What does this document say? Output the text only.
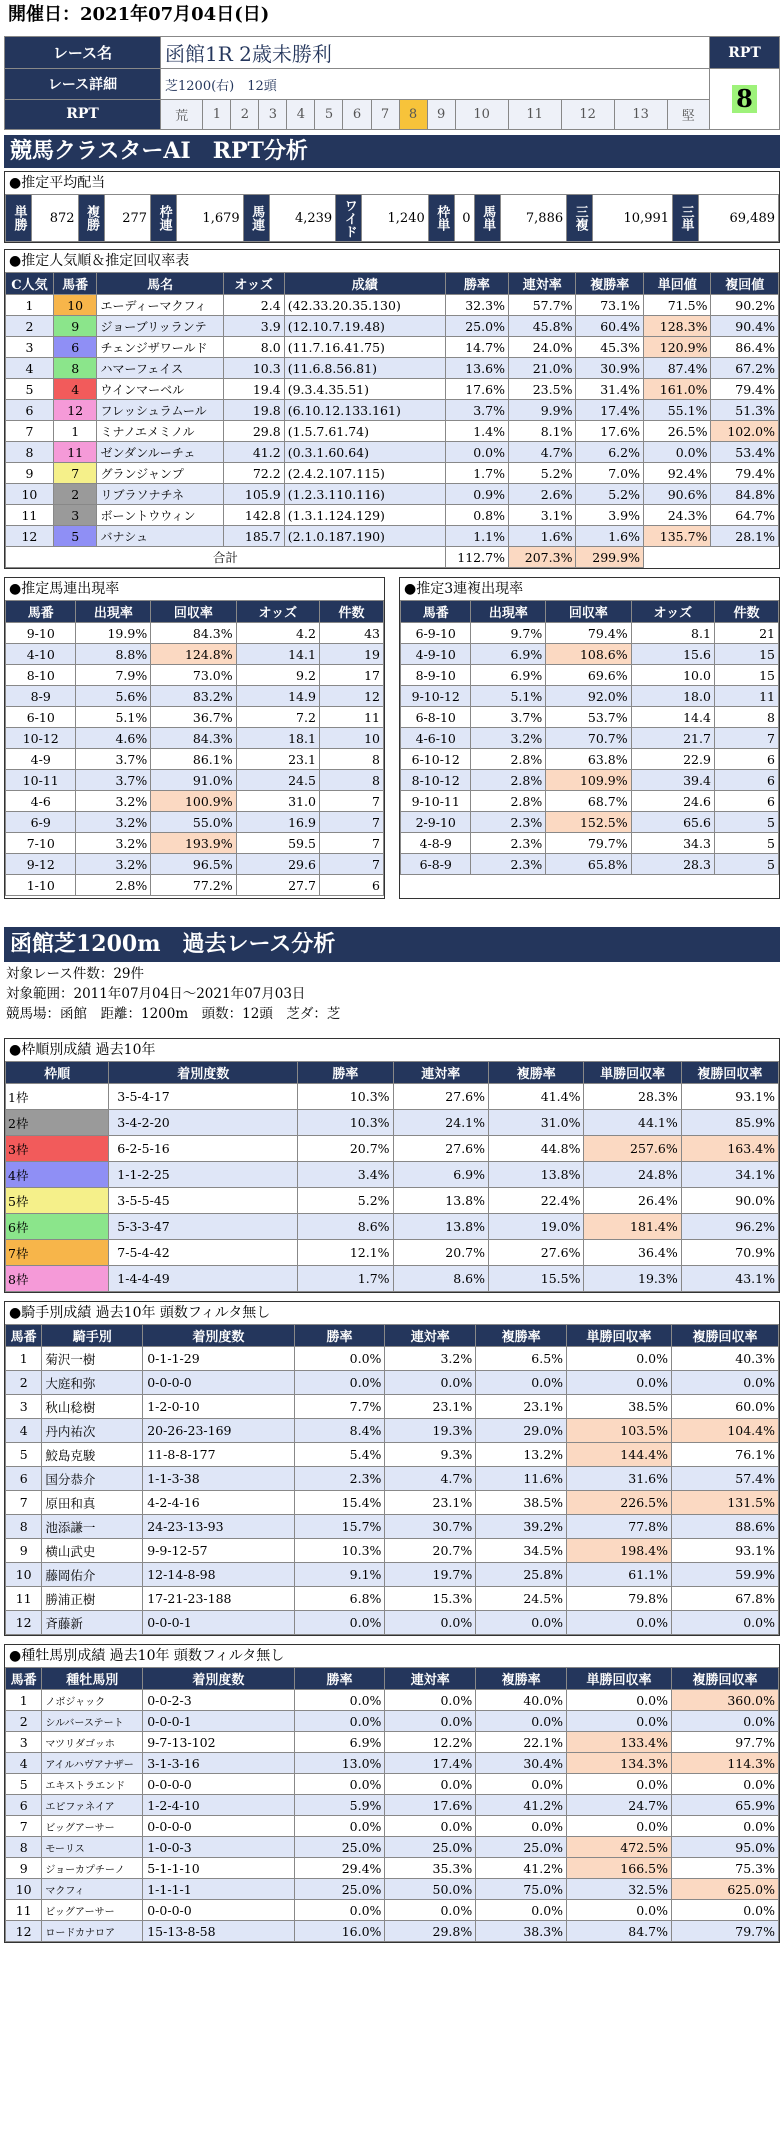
開催日：2021年07月04日(日)
レース名	函館1R 2歳未勝利															RPT
レース詳細	芝1200(右)　 12頭															8
RPT	荒	1	2	3	4	5	6	7	8	9	10	11	12	13	堅	
競馬クラスターAI　RPT分析
●推定平均配当
単勝	872	複勝	277	枠連	1,679	馬連	4,239	ワイド	1,240	枠単	0	馬単	7,886	三複	10,991	三単	69,489
●推定人気順＆推定回収率表
C人気	馬番	馬名	オッズ	成績	勝率	連対率	複勝率	単回値	複回値
1	10	エーディーマクフィ	2.4	(42.33.20.35.130)	32.3%	57.7%	73.1%	71.5%	90.2%
2	9	ジョーブリッランテ	3.9	(12.10.7.19.48)	25.0%	45.8%	60.4%	128.3%	90.4%
3	6	チェンジザワールド	8.0	(11.7.16.41.75)	14.7%	24.0%	45.3%	120.9%	86.4%
4	8	ハマーフェイス	10.3	(11.6.8.56.81)	13.6%	21.0%	30.9%	87.4%	67.2%
5	4	ウインマーベル	19.4	(9.3.4.35.51)	17.6%	23.5%	31.4%	161.0%	79.4%
6	12	フレッシュラムール	19.8	(6.10.12.133.161)	3.7%	9.9%	17.4%	55.1%	51.3%
7	1	ミナノエメミノル	29.8	(1.5.7.61.74)	1.4%	8.1%	17.6%	26.5%	102.0%
8	11	ゼンダンルーチェ	41.2	(0.3.1.60.64)	0.0%	4.7%	6.2%	0.0%	53.4%
9	7	グランジャンプ	72.2	(2.4.2.107.115)	1.7%	5.2%	7.0%	92.4%	79.4%
10	2	リブラソナチネ	105.9	(1.2.3.110.116)	0.9%	2.6%	5.2%	90.6%	84.8%
11	3	ボーントウウィン	142.8	(1.3.1.124.129)	0.8%	3.1%	3.9%	24.3%	64.7%
12	5	バナシュ	185.7	(2.1.0.187.190)	1.1%	1.6%	1.6%	135.7%	28.1%
合計					112.7%	207.3%	299.9%		
●推定馬連出現率
馬番	出現率	回収率	オッズ	件数
9-10	19.9%	84.3%	4.2	43
4-10	8.8%	124.8%	14.1	19
8-10	7.9%	73.0%	9.2	17
8-9	5.6%	83.2%	14.9	12
6-10	5.1%	36.7%	7.2	11
10-12	4.6%	84.3%	18.1	10
4-9	3.7%	86.1%	23.1	8
10-11	3.7%	91.0%	24.5	8
4-6	3.2%	100.9%	31.0	7
6-9	3.2%	55.0%	16.9	7
7-10	3.2%	193.9%	59.5	7
9-12	3.2%	96.5%	29.6	7
1-10	2.8%	77.2%	27.7	6
●推定3連複出現率
馬番	出現率	回収率	オッズ	件数
6-9-10	9.7%	79.4%	8.1	21
4-9-10	6.9%	108.6%	15.6	15
8-9-10	6.9%	69.6%	10.0	15
9-10-12	5.1%	92.0%	18.0	11
6-8-10	3.7%	53.7%	14.4	8
4-6-10	3.2%	70.7%	21.7	7
6-10-12	2.8%	63.8%	22.9	6
8-10-12	2.8%	109.9%	39.4	6
9-10-11	2.8%	68.7%	24.6	6
2-9-10	2.3%	152.5%	65.6	5
4-8-9	2.3%	79.7%	34.3	5
6-8-9	2.3%	65.8%	28.3	5
函館芝1200m　過去レース分析
対象レース件数：29件
対象範囲：2011年07月04日～2021年07月03日
競馬場：函館　距離：1200m　頭数：12頭　芝ダ：芝
●枠順別成績 過去10年
枠順	着別度数	勝率	連対率	複勝率	単勝回収率	複勝回収率
1枠	3-5-4-17	10.3%	27.6%	41.4%	28.3%	93.1%
2枠	3-4-2-20	10.3%	24.1%	31.0%	44.1%	85.9%
3枠	6-2-5-16	20.7%	27.6%	44.8%	257.6%	163.4%
4枠	1-1-2-25	3.4%	6.9%	13.8%	24.8%	34.1%
5枠	3-5-5-45	5.2%	13.8%	22.4%	26.4%	90.0%
6枠	5-3-3-47	8.6%	13.8%	19.0%	181.4%	96.2%
7枠	7-5-4-42	12.1%	20.7%	27.6%	36.4%	70.9%
8枠	1-4-4-49	1.7%	8.6%	15.5%	19.3%	43.1%
●騎手別成績 過去10年 頭数フィルタ無し
馬番	騎手別	着別度数	勝率	連対率	複勝率	単勝回収率	複勝回収率
1	菊沢一樹	0-1-1-29	0.0%	3.2%	6.5%	0.0%	40.3%
2	大庭和弥	0-0-0-0	0.0%	0.0%	0.0%	0.0%	0.0%
3	秋山稔樹	1-2-0-10	7.7%	23.1%	23.1%	38.5%	60.0%
4	丹内祐次	20-26-23-169	8.4%	19.3%	29.0%	103.5%	104.4%
5	鮫島克駿	11-8-8-177	5.4%	9.3%	13.2%	144.4%	76.1%
6	国分恭介	1-1-3-38	2.3%	4.7%	11.6%	31.6%	57.4%
7	原田和真	4-2-4-16	15.4%	23.1%	38.5%	226.5%	131.5%
8	池添謙一	24-23-13-93	15.7%	30.7%	39.2%	77.8%	88.6%
9	横山武史	9-9-12-57	10.3%	20.7%	34.5%	198.4%	93.1%
10	藤岡佑介	12-14-8-98	9.1%	19.7%	25.8%	61.1%	59.9%
11	勝浦正樹	17-21-23-188	6.8%	15.3%	24.5%	79.8%	67.8%
12	斉藤新	0-0-0-1	0.0%	0.0%	0.0%	0.0%	0.0%
●種牡馬別成績 過去10年 頭数フィルタ無し
馬番	種牡馬別	着別度数	勝率	連対率	複勝率	単勝回収率	複勝回収率
1	ノボジャック	0-0-2-3	0.0%	0.0%	40.0%	0.0%	360.0%
2	シルバーステート	0-0-0-1	0.0%	0.0%	0.0%	0.0%	0.0%
3	マツリダゴッホ	9-7-13-102	6.9%	12.2%	22.1%	133.4%	97.7%
4	アイルハヴアナザー	3-1-3-16	13.0%	17.4%	30.4%	134.3%	114.3%
5	エキストラエンド	0-0-0-0	0.0%	0.0%	0.0%	0.0%	0.0%
6	エピファネイア	1-2-4-10	5.9%	17.6%	41.2%	24.7%	65.9%
7	ビッグアーサー	0-0-0-0	0.0%	0.0%	0.0%	0.0%	0.0%
8	モーリス	1-0-0-3	25.0%	25.0%	25.0%	472.5%	95.0%
9	ジョーカプチーノ	5-1-1-10	29.4%	35.3%	41.2%	166.5%	75.3%
10	マクフィ	1-1-1-1	25.0%	50.0%	75.0%	32.5%	625.0%
11	ビッグアーサー	0-0-0-0	0.0%	0.0%	0.0%	0.0%	0.0%
12	ロードカナロア	15-13-8-58	16.0%	29.8%	38.3%	84.7%	79.7%
